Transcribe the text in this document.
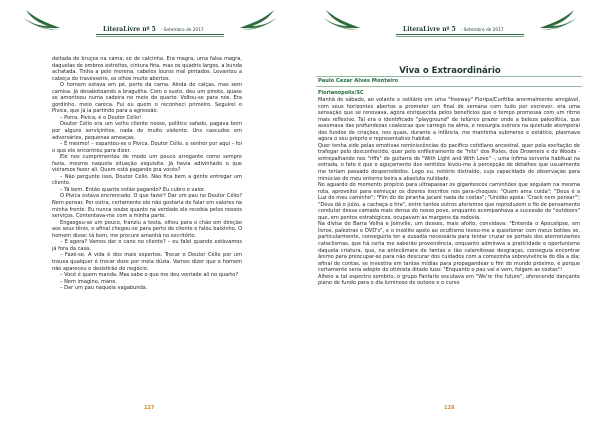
LiteraLivre nº 5 - Setembro de 2017

deitada de bruços na cama, só de calcinha. Era magra, uma falsa magra, daquelas de ombros estreitos, cintura fina, mas os quadris largos, a bunda achatada. Tinha a pele morena, cabelos louros mal pintados. Levantou a cabeça do travesseiro, os olhos muito abertos.

O homem estava em pé, perto da cama. Ainda de calças, mas sem camisa. Já desabotoando a braguilha. Com o susto, deu um pinote, quase se amontoou numa cadeira no meio do quarto. Voltou-se para nós. Era gordinho, meio careca. Fui eu quem o reconheci primeiro. Seguirei o Pivica, que já ia partindo para a agressão.

– Porra, Pivica, é o Doutor Célio!

Doutor Célio era um velho cliente nosso, político safado, pagava bem por alguns serviçinhos, nada de muito violento. Uns cascudos em adversários, pequenas ameaças.

– É mesmo! – espantou-se o Pivica. Doutor Célio, o senhor por aqui – foi o que ele encontrou para dizer.

Ele nos cumprimentou de modo um pouco arrogante como sempre fazia, mesmo naquela situação esquisita. Já havia adivinhado o que viéramos fazer ali. Quem está pagando pra vocês?

– Não pergunte isso, Doutor Célio. Não fica bem a gente entregar um cliente.

– Tá bem. Então quanto estão pagando? Eu cubro o valor.

O Pivica estava encrencado. O que fazer? Dar um pau no Doutor Célio? Nem pensar. Por outra, certamente ele não gostaria de falar em valores na minha frente. Eu nunca soube quanto na verdade ele recebia pelos nossos serviços. Contentava-me com a minha parte.

Engasgou-se um pouco, franziu a testa, olhou para o chão em direção aos seus tênis, e afinal chegou-se para perto do cliente e falou baixinho. O homem disse: tá bom, me procure amanhã no escritório.

– E agora? Vamos dar o cano no cliente? – eu falei quando estávamos já fora da casa.

– Fazê-se. A vida é dos mais espertos. Trocar o Doutor Célio por um trouxa qualquer é trocar doze por meia dúzia. Vamos dizer que o homem não apareceu e desistirão do negócio.

– Você é quem manda. Mas sabe o que me deu vontade ali no quarto?

– Nem imagino, mano.

– Dar um pau naquela vagabunda.

127
LiteraLivre nº 5 - Setembro de 2017
Viva o Extraordinário
Paulo Cezar Alves Monteiro
Florianópolis/SC

Manhã de sábado, ao volante e solitário em uma "freeway" Floripa/Curitiba anormalmente amigável, com seus horizontes abertos a prometer um final de semana com tudo por escrever, era uma sensação que se renovava, agora enriquecida pelos benefícios que o tempo promessa com um ritmo mais reflexivo. Tal era o identificado "playground" de telúrico prazer onde a beleza paleolítica, que assomava das profundezas coalescas que carrego na alma, e ressurgia outrora na quietude atemporal dos fundos de criações, nos quais, durante a infância, me mantinha submerso e extático, plasmava agora o seu próprio e representativo habitat.

Quer tenha sido pelas emotivas reminiscências do pacífico cotidiano ancestral, quer pela excitação de trafegar pelo desconhecido, quer pelo enfileiramento de "hits" dos Pixies, dos Drowners e do Woods - entrepalhando nos "riffs" de guitarra do "With Light and With Love" -, uma ínfima sorveria habitual na estrada, o fato é que o aguçamento dos sentidos levou-me à percepção de detalhes que usualmente me teriam passado despercebidos. Logo eu, notório distraído, cuja capacidade de observação para minúcias do meu entorno beira a absoluta nulidade.

No aguardo do momento propício para ultrapassar os gigantescos caminhões que seguiam na mesma rota, aproveitei para esmiuçar os dizeres inscritos nos para-choques: "Quem ama cuida"; "Deus é a Luz do meu caminho"; "Fim do de piranha jacaré nada de costas"; "Unidão apoia: 'Crack nem pensar'"; "Deus dá o juízo, a cachaça o tira", entre tantos outros aforismos que reproduzem o fio de pensamento condutor dessa camada mais densa do nosso povo, enquanto acompanhava a sucessão de "outdoors" que, em pontos estratégicos, ocupavam as margens da rodovia.

Na divisa de Barra Velha e Joinville, um desses, mais afoito, convidava: "Entenda o Apocalipse, em livros, palestras e DVD's", e o insólito apelo ao ocultismo levou-me a questionar com meus botões se, particularmente, conseguiria ter a ousadia necessária para tentar cruzar os portais dos aterrorizantes cataclismas, que há certa me saberão proveniência, enquanto admirava a praticidade e oportunismo daquela criatura, que, na antecâmara de tantas e tão calamitosas desgraças, conseguia encontrar ânimo para preocupar-se para não descurar dos cuidados com a comezinha sobrevivência do dia a dia; afinal de contas, se investira em tantas mídias para propagandear o fim do mundo próximo, é porque certamente seria adepto do otimista ditado luso: "Enquanto o pau vai e vem, folgam as costas"!

Alheio a tal espectro sombrio, o grupo Fanfarlo escutava em "We're the future", oferecendo dançante piano de fundo para o dia luminoso de outono e o curso

128
